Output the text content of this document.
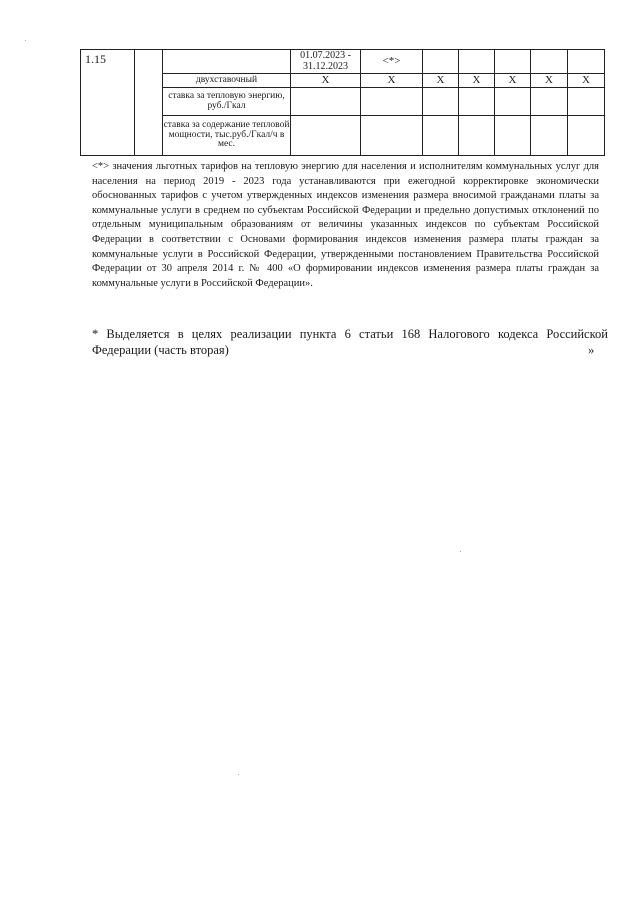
1.15			01.07.2023 - 31.12.2023	<*>					
		двухставочный	X	X	X	X	X	X	X
		ставка за тепловую энергию, руб./Гкал							
		ставка за содержание тепловой мощности, тыс.руб./Гкал/ч в мес.							

<*> значения льготных тарифов на тепловую энергию для населения и исполнителям коммунальных услуг для населения на период 2019 - 2023 года устанавливаются при ежегодной корректировке экономически обоснованных тарифов с учетом утвержденных индексов изменения размера вносимой гражданами платы за коммунальные услуги в среднем по субъектам Российской Федерации и предельно допустимых отклонений по отдельным муниципальным образованиям от величины указанных индексов по субъектам Российской Федерации в соответствии с Основами формирования индексов изменения размера платы граждан за коммунальные услуги в Российской Федерации, утвержденными постановлением Правительства Российской Федерации от 30 апреля 2014 г. № 400 «О формировании индексов изменения размера платы граждан за коммунальные услуги в Российской Федерации».

* Выделяется в целях реализации пункта 6 статьи 168 Налогового кодекса Российской Федерации (часть вторая)	»
